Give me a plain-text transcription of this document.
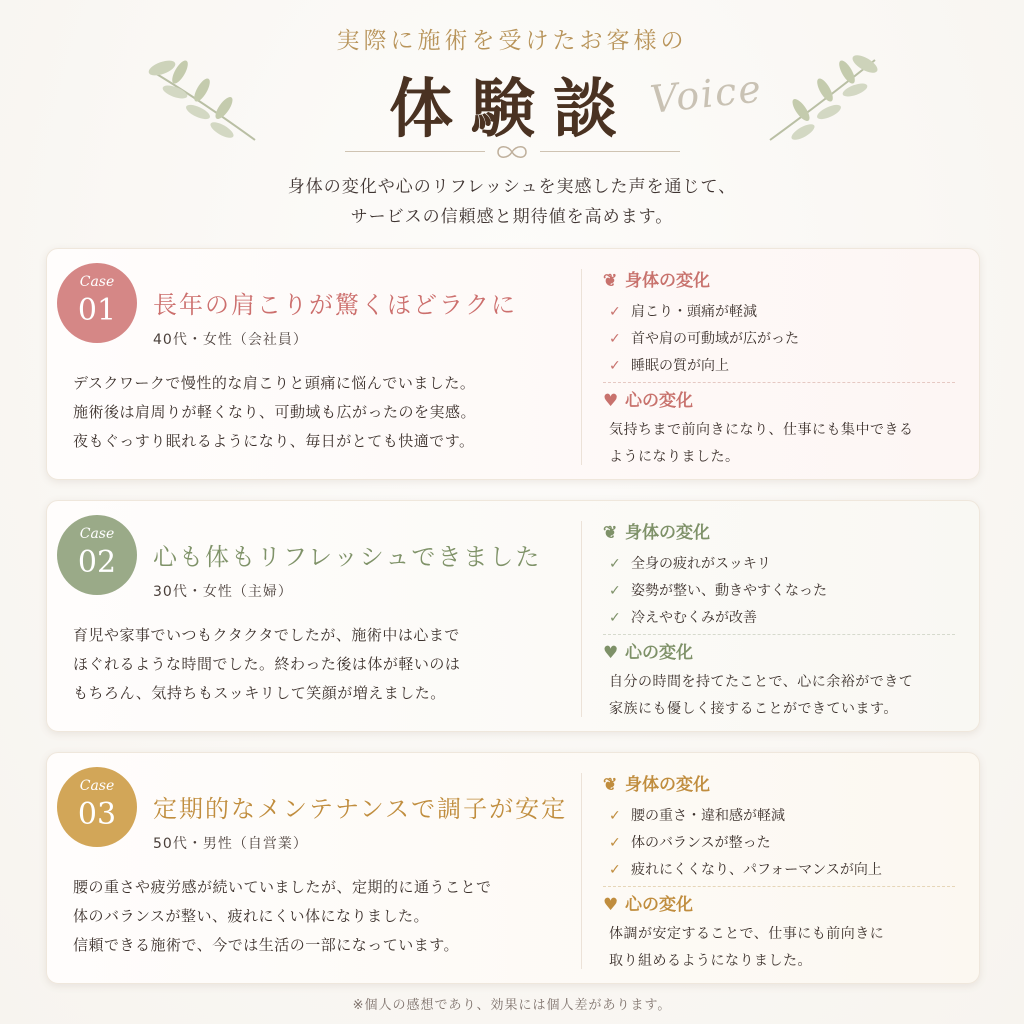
実際に施術を受けたお客様の
体験談 Voice
身体の変化や心のリフレッシュを実感した声を通じて、
サービスの信頼感と期待値を高めます。
Case
01	長年の肩こりが驚くほどラクに
40代・女性（会社員）
デスクワークで慢性的な肩こりと頭痛に悩んでいました。
施術後は肩周りが軽くなり、可動域も広がったのを実感。
夜もぐっすり眠れるようになり、毎日がとても快適です。
❦ 身体の変化
✓ 肩こり・頭痛が軽減
✓ 首や肩の可動域が広がった
✓ 睡眠の質が向上
♥ 心の変化
気持ちまで前向きになり、仕事にも集中できる
ようになりました。
Case
02	心も体もリフレッシュできました
30代・女性（主婦）
育児や家事でいつもクタクタでしたが、施術中は心まで
ほぐれるような時間でした。終わった後は体が軽いのは
もちろん、気持ちもスッキリして笑顔が増えました。
❦ 身体の変化
✓ 全身の疲れがスッキリ
✓ 姿勢が整い、動きやすくなった
✓ 冷えやむくみが改善
♥ 心の変化
自分の時間を持てたことで、心に余裕ができて
家族にも優しく接することができています。
Case
03	定期的なメンテナンスで調子が安定
50代・男性（自営業）
腰の重さや疲労感が続いていましたが、定期的に通うことで
体のバランスが整い、疲れにくい体になりました。
信頼できる施術で、今では生活の一部になっています。
❦ 身体の変化
✓ 腰の重さ・違和感が軽減
✓ 体のバランスが整った
✓ 疲れにくくなり、パフォーマンスが向上
♥ 心の変化
体調が安定することで、仕事にも前向きに
取り組めるようになりました。
※個人の感想であり、効果には個人差があります。
